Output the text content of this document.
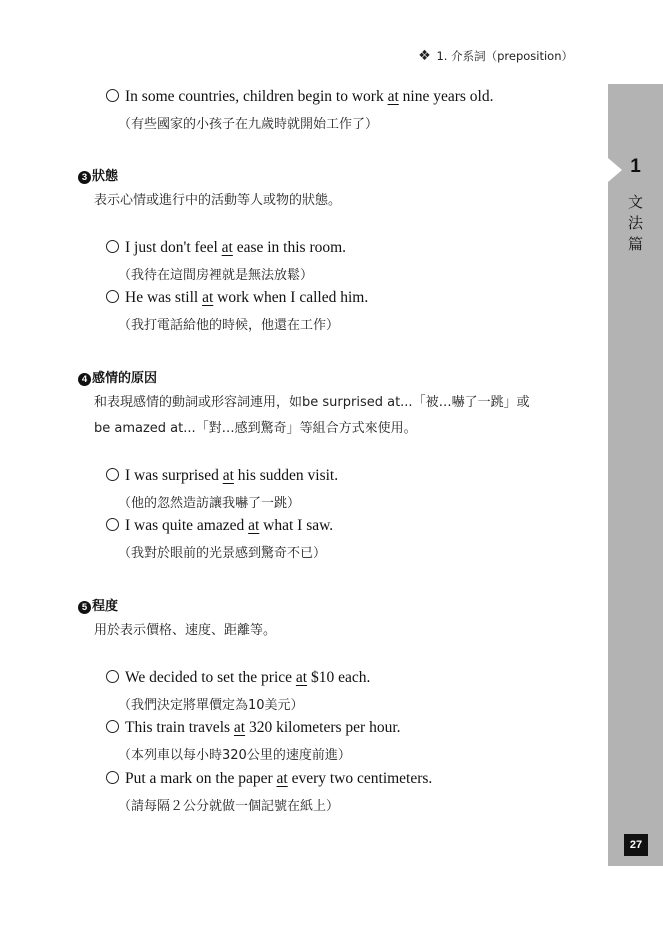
❖ 1. 介系詞（preposition）
1
文
法
篇
27
In some countries, children begin to work at nine years old.
（有些國家的小孩子在九歲時就開始工作了）
3 狀態
表示心情或進行中的活動等人或物的狀態。
I just don't feel at ease in this room.
（我待在這間房裡就是無法放鬆）
He was still at work when I called him.
（我打電話給他的時候，他還在工作）
4 感情的原因
和表現感情的動詞或形容詞連用，如be surprised at...「被…嚇了一跳」或
be amazed at...「對…感到驚奇」等組合方式來使用。
I was surprised at his sudden visit.
（他的忽然造訪讓我嚇了一跳）
I was quite amazed at what I saw.
（我對於眼前的光景感到驚奇不已）
5 程度
用於表示價格、速度、距離等。
We decided to set the price at $10 each.
（我們決定將單價定為10美元）
This train travels at 320 kilometers per hour.
（本列車以每小時320公里的速度前進）
Put a mark on the paper at every two centimeters.
（請每隔２公分就做一個記號在紙上）
